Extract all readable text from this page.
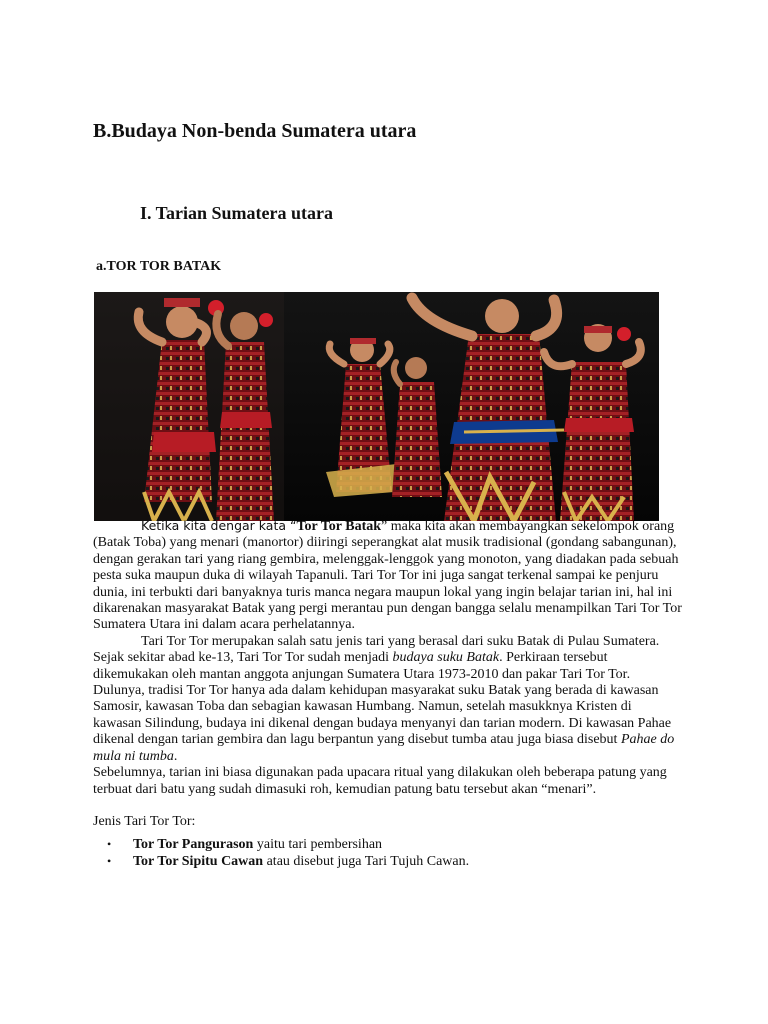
B.Budaya Non-benda Sumatera utara
I. Tarian Sumatera utara
a.TOR TOR BATAK

Ketika kita dengar kata “Tor Tor Batak” maka kita akan membayangkan sekelompok orang (Batak Toba) yang menari (manortor) diiringi seperangkat alat musik tradisional (gondang sabangunan), dengan gerakan tari yang riang gembira, melenggak-lenggok yang monoton, yang diadakan pada sebuah pesta suka maupun duka di wilayah Tapanuli. Tari Tor Tor ini juga sangat terkenal sampai ke penjuru dunia, ini terbukti dari banyaknya turis manca negara maupun lokal yang ingin belajar tarian ini, hal ini dikarenakan masyarakat Batak yang pergi merantau pun dengan bangga selalu menampilkan Tari Tor Tor Sumatera Utara ini dalam acara perhelatannya.

Tari Tor Tor merupakan salah satu jenis tari yang berasal dari suku Batak di Pulau Sumatera. Sejak sekitar abad ke-13, Tari Tor Tor sudah menjadi budaya suku Batak. Perkiraan tersebut dikemukakan oleh mantan anggota anjungan Sumatera Utara 1973-2010 dan pakar Tari Tor Tor. Dulunya, tradisi Tor Tor hanya ada dalam kehidupan masyarakat suku Batak yang berada di kawasan Samosir, kawasan Toba dan sebagian kawasan Humbang. Namun, setelah masukknya Kristen di kawasan Silindung, budaya ini dikenal dengan budaya menyanyi dan tarian modern. Di kawasan Pahae dikenal dengan tarian gembira dan lagu berpantun yang disebut tumba atau juga biasa disebut Pahae do mula ni tumba.

Sebelumnya, tarian ini biasa digunakan pada upacara ritual yang dilakukan oleh beberapa patung yang terbuat dari batu yang sudah dimasuki roh, kemudian patung batu tersebut akan “menari”.

Jenis Tari Tor Tor:

• Tor Tor Pangurason yaitu tari pembersihan
• Tor Tor Sipitu Cawan atau disebut juga Tari Tujuh Cawan.
